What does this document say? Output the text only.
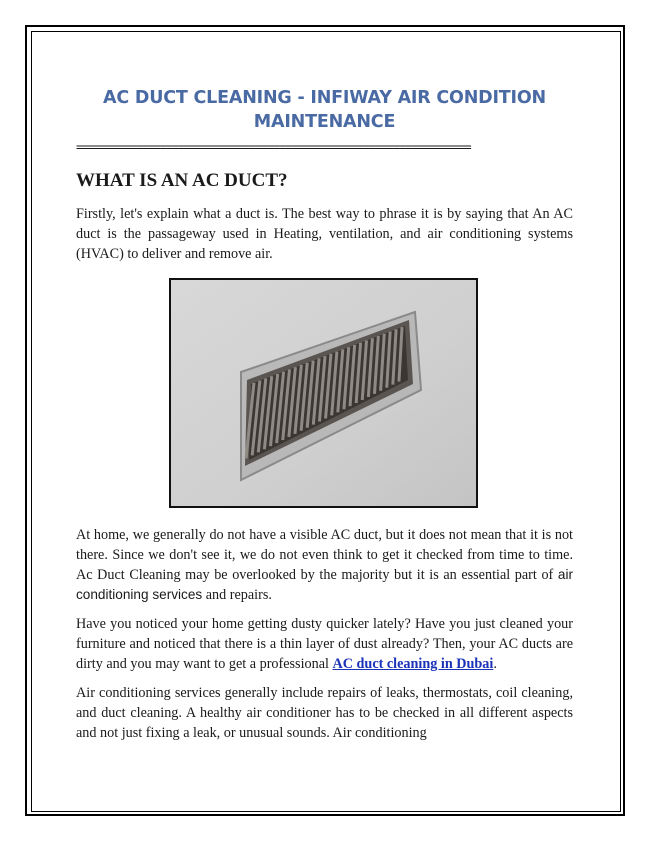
AC DUCT CLEANING - INFIWAY AIR CONDITION MAINTENANCE
==================================================================
WHAT IS AN AC DUCT?

Firstly, let's explain what a duct is. The best way to phrase it is by saying that An AC duct is the passageway used in Heating, ventilation, and air conditioning systems (HVAC) to deliver and remove air.

At home, we generally do not have a visible AC duct, but it does not mean that it is not there. Since we don't see it, we do not even think to get it checked from time to time. Ac Duct Cleaning may be overlooked by the majority but it is an essential part of air conditioning services and repairs.

Have you noticed your home getting dusty quicker lately? Have you just cleaned your furniture and noticed that there is a thin layer of dust already? Then, your AC ducts are dirty and you may want to get a professional AC duct cleaning in Dubai.

Air conditioning services generally include repairs of leaks, thermostats, coil cleaning, and duct cleaning. A healthy air conditioner has to be checked in all different aspects and not just fixing a leak, or unusual sounds. Air conditioning
